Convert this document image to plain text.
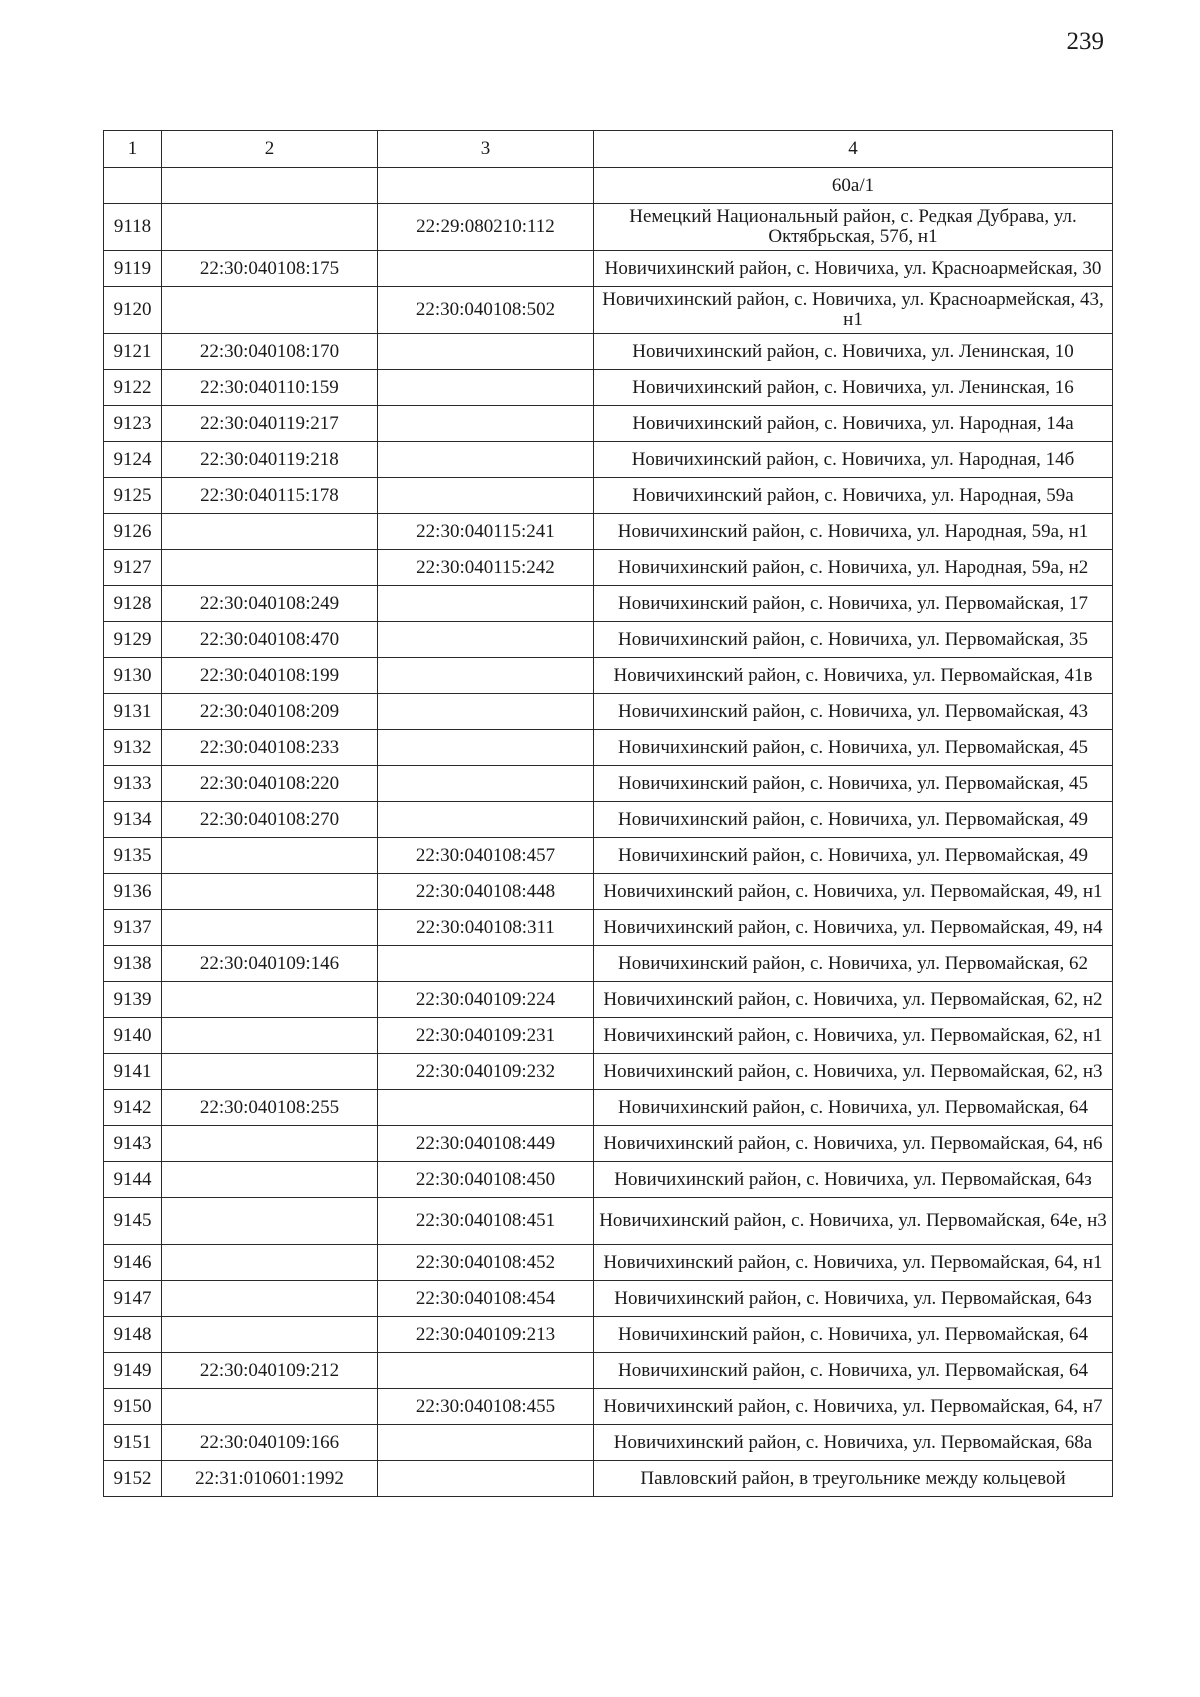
239
1	2	3	4
			60а/1
9118		22:29:080210:112	Немецкий Национальный район, с. Редкая Дубрава, ул. Октябрьская, 57б, н1
9119	22:30:040108:175		Новичихинский район, с. Новичиха, ул. Красноармейская, 30
9120		22:30:040108:502	Новичихинский район, с. Новичиха, ул. Красноармейская, 43, н1
9121	22:30:040108:170		Новичихинский район, с. Новичиха, ул. Ленинская, 10
9122	22:30:040110:159		Новичихинский район, с. Новичиха, ул. Ленинская, 16
9123	22:30:040119:217		Новичихинский район, с. Новичиха, ул. Народная, 14а
9124	22:30:040119:218		Новичихинский район, с. Новичиха, ул. Народная, 14б
9125	22:30:040115:178		Новичихинский район, с. Новичиха, ул. Народная, 59а
9126		22:30:040115:241	Новичихинский район, с. Новичиха, ул. Народная, 59а, н1
9127		22:30:040115:242	Новичихинский район, с. Новичиха, ул. Народная, 59а, н2
9128	22:30:040108:249		Новичихинский район, с. Новичиха, ул. Первомайская, 17
9129	22:30:040108:470		Новичихинский район, с. Новичиха, ул. Первомайская, 35
9130	22:30:040108:199		Новичихинский район, с. Новичиха, ул. Первомайская, 41в
9131	22:30:040108:209		Новичихинский район, с. Новичиха, ул. Первомайская, 43
9132	22:30:040108:233		Новичихинский район, с. Новичиха, ул. Первомайская, 45
9133	22:30:040108:220		Новичихинский район, с. Новичиха, ул. Первомайская, 45
9134	22:30:040108:270		Новичихинский район, с. Новичиха, ул. Первомайская, 49
9135		22:30:040108:457	Новичихинский район, с. Новичиха, ул. Первомайская, 49
9136		22:30:040108:448	Новичихинский район, с. Новичиха, ул. Первомайская, 49, н1
9137		22:30:040108:311	Новичихинский район, с. Новичиха, ул. Первомайская, 49, н4
9138	22:30:040109:146		Новичихинский район, с. Новичиха, ул. Первомайская, 62
9139		22:30:040109:224	Новичихинский район, с. Новичиха, ул. Первомайская, 62, н2
9140		22:30:040109:231	Новичихинский район, с. Новичиха, ул. Первомайская, 62, н1
9141		22:30:040109:232	Новичихинский район, с. Новичиха, ул. Первомайская, 62, н3
9142	22:30:040108:255		Новичихинский район, с. Новичиха, ул. Первомайская, 64
9143		22:30:040108:449	Новичихинский район, с. Новичиха, ул. Первомайская, 64, н6
9144		22:30:040108:450	Новичихинский район, с. Новичиха, ул. Первомайская, 64з
9145		22:30:040108:451	Новичихинский район, с. Новичиха, ул. Первомайская, 64е, н3
9146		22:30:040108:452	Новичихинский район, с. Новичиха, ул. Первомайская, 64, н1
9147		22:30:040108:454	Новичихинский район, с. Новичиха, ул. Первомайская, 64з
9148		22:30:040109:213	Новичихинский район, с. Новичиха, ул. Первомайская, 64
9149	22:30:040109:212		Новичихинский район, с. Новичиха, ул. Первомайская, 64
9150		22:30:040108:455	Новичихинский район, с. Новичиха, ул. Первомайская, 64, н7
9151	22:30:040109:166		Новичихинский район, с. Новичиха, ул. Первомайская, 68а
9152	22:31:010601:1992		Павловский район, в треугольнике между кольцевой
